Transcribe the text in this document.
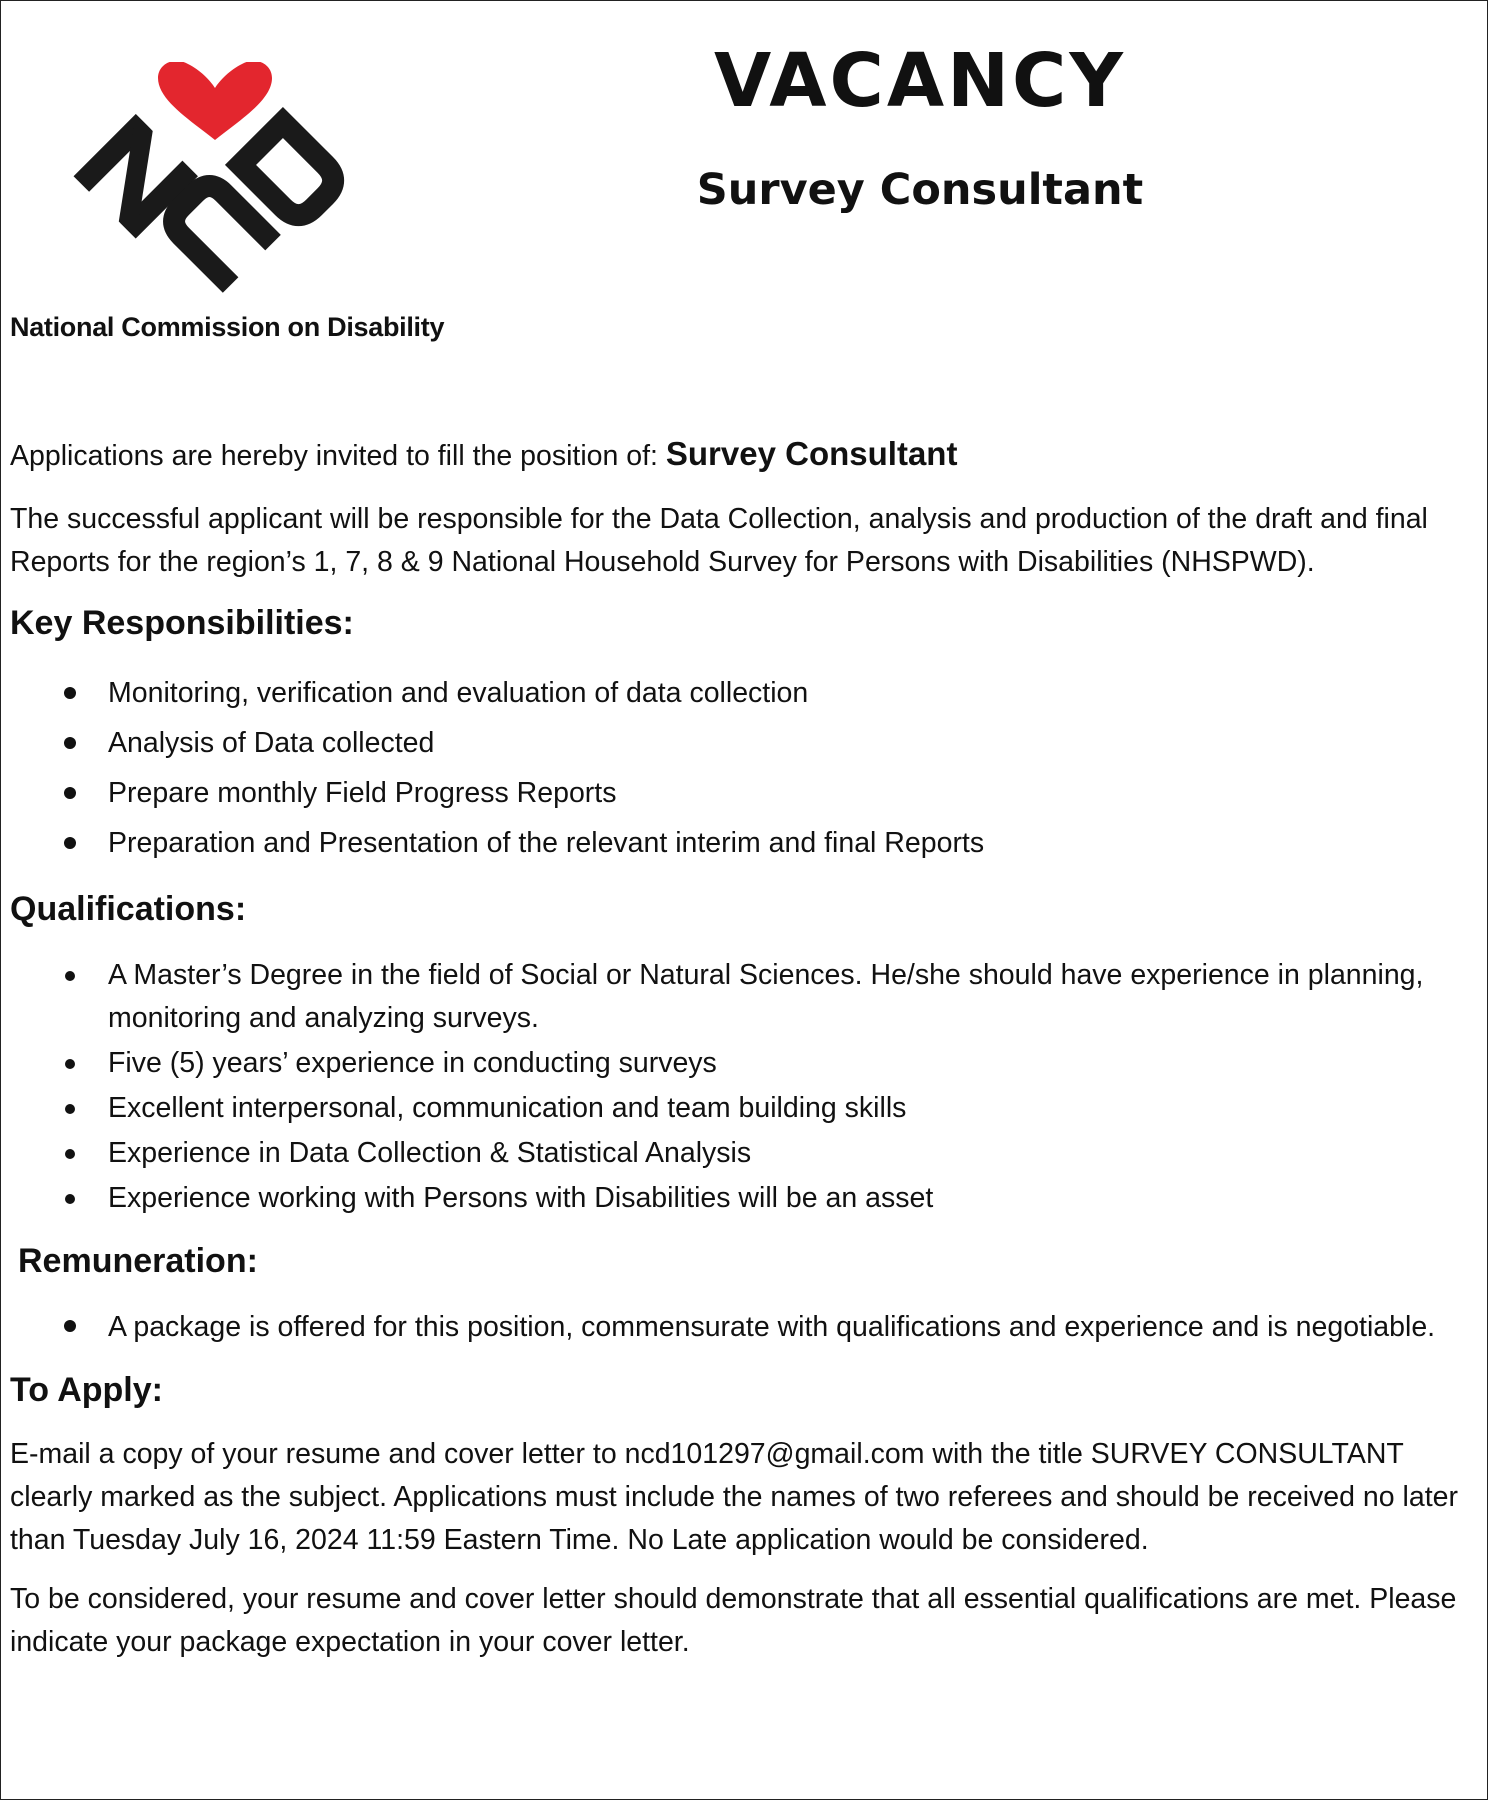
National Commission on Disability
VACANCY
Survey Consultant

Applications are hereby invited to fill the position of: Survey Consultant

The successful applicant will be responsible for the Data Collection, analysis and production of the draft and final Reports for the region’s 1, 7, 8 & 9 National Household Survey for Persons with Disabilities (NHSPWD).

Key Responsibilities:
Monitoring, verification and evaluation of data collection
Analysis of Data collected
Prepare monthly Field Progress Reports
Preparation and Presentation of the relevant interim and final Reports
Qualifications:
A Master’s Degree in the field of Social or Natural Sciences. He/she should have experience in planning, monitoring and analyzing surveys.
Five (5) years’ experience in conducting surveys
Excellent interpersonal, communication and team building skills
Experience in Data Collection & Statistical Analysis
Experience working with Persons with Disabilities will be an asset
Remuneration:
A package is offered for this position, commensurate with qualifications and experience and is negotiable.
To Apply:

E-mail a copy of your resume and cover letter to ncd101297@gmail.com with the title SURVEY CONSULTANT clearly marked as the subject. Applications must include the names of two referees and should be received no later than Tuesday July 16, 2024 11:59 Eastern Time. No Late application would be considered.

To be considered, your resume and cover letter should demonstrate that all essential qualifications are met. Please indicate your package expectation in your cover letter.
